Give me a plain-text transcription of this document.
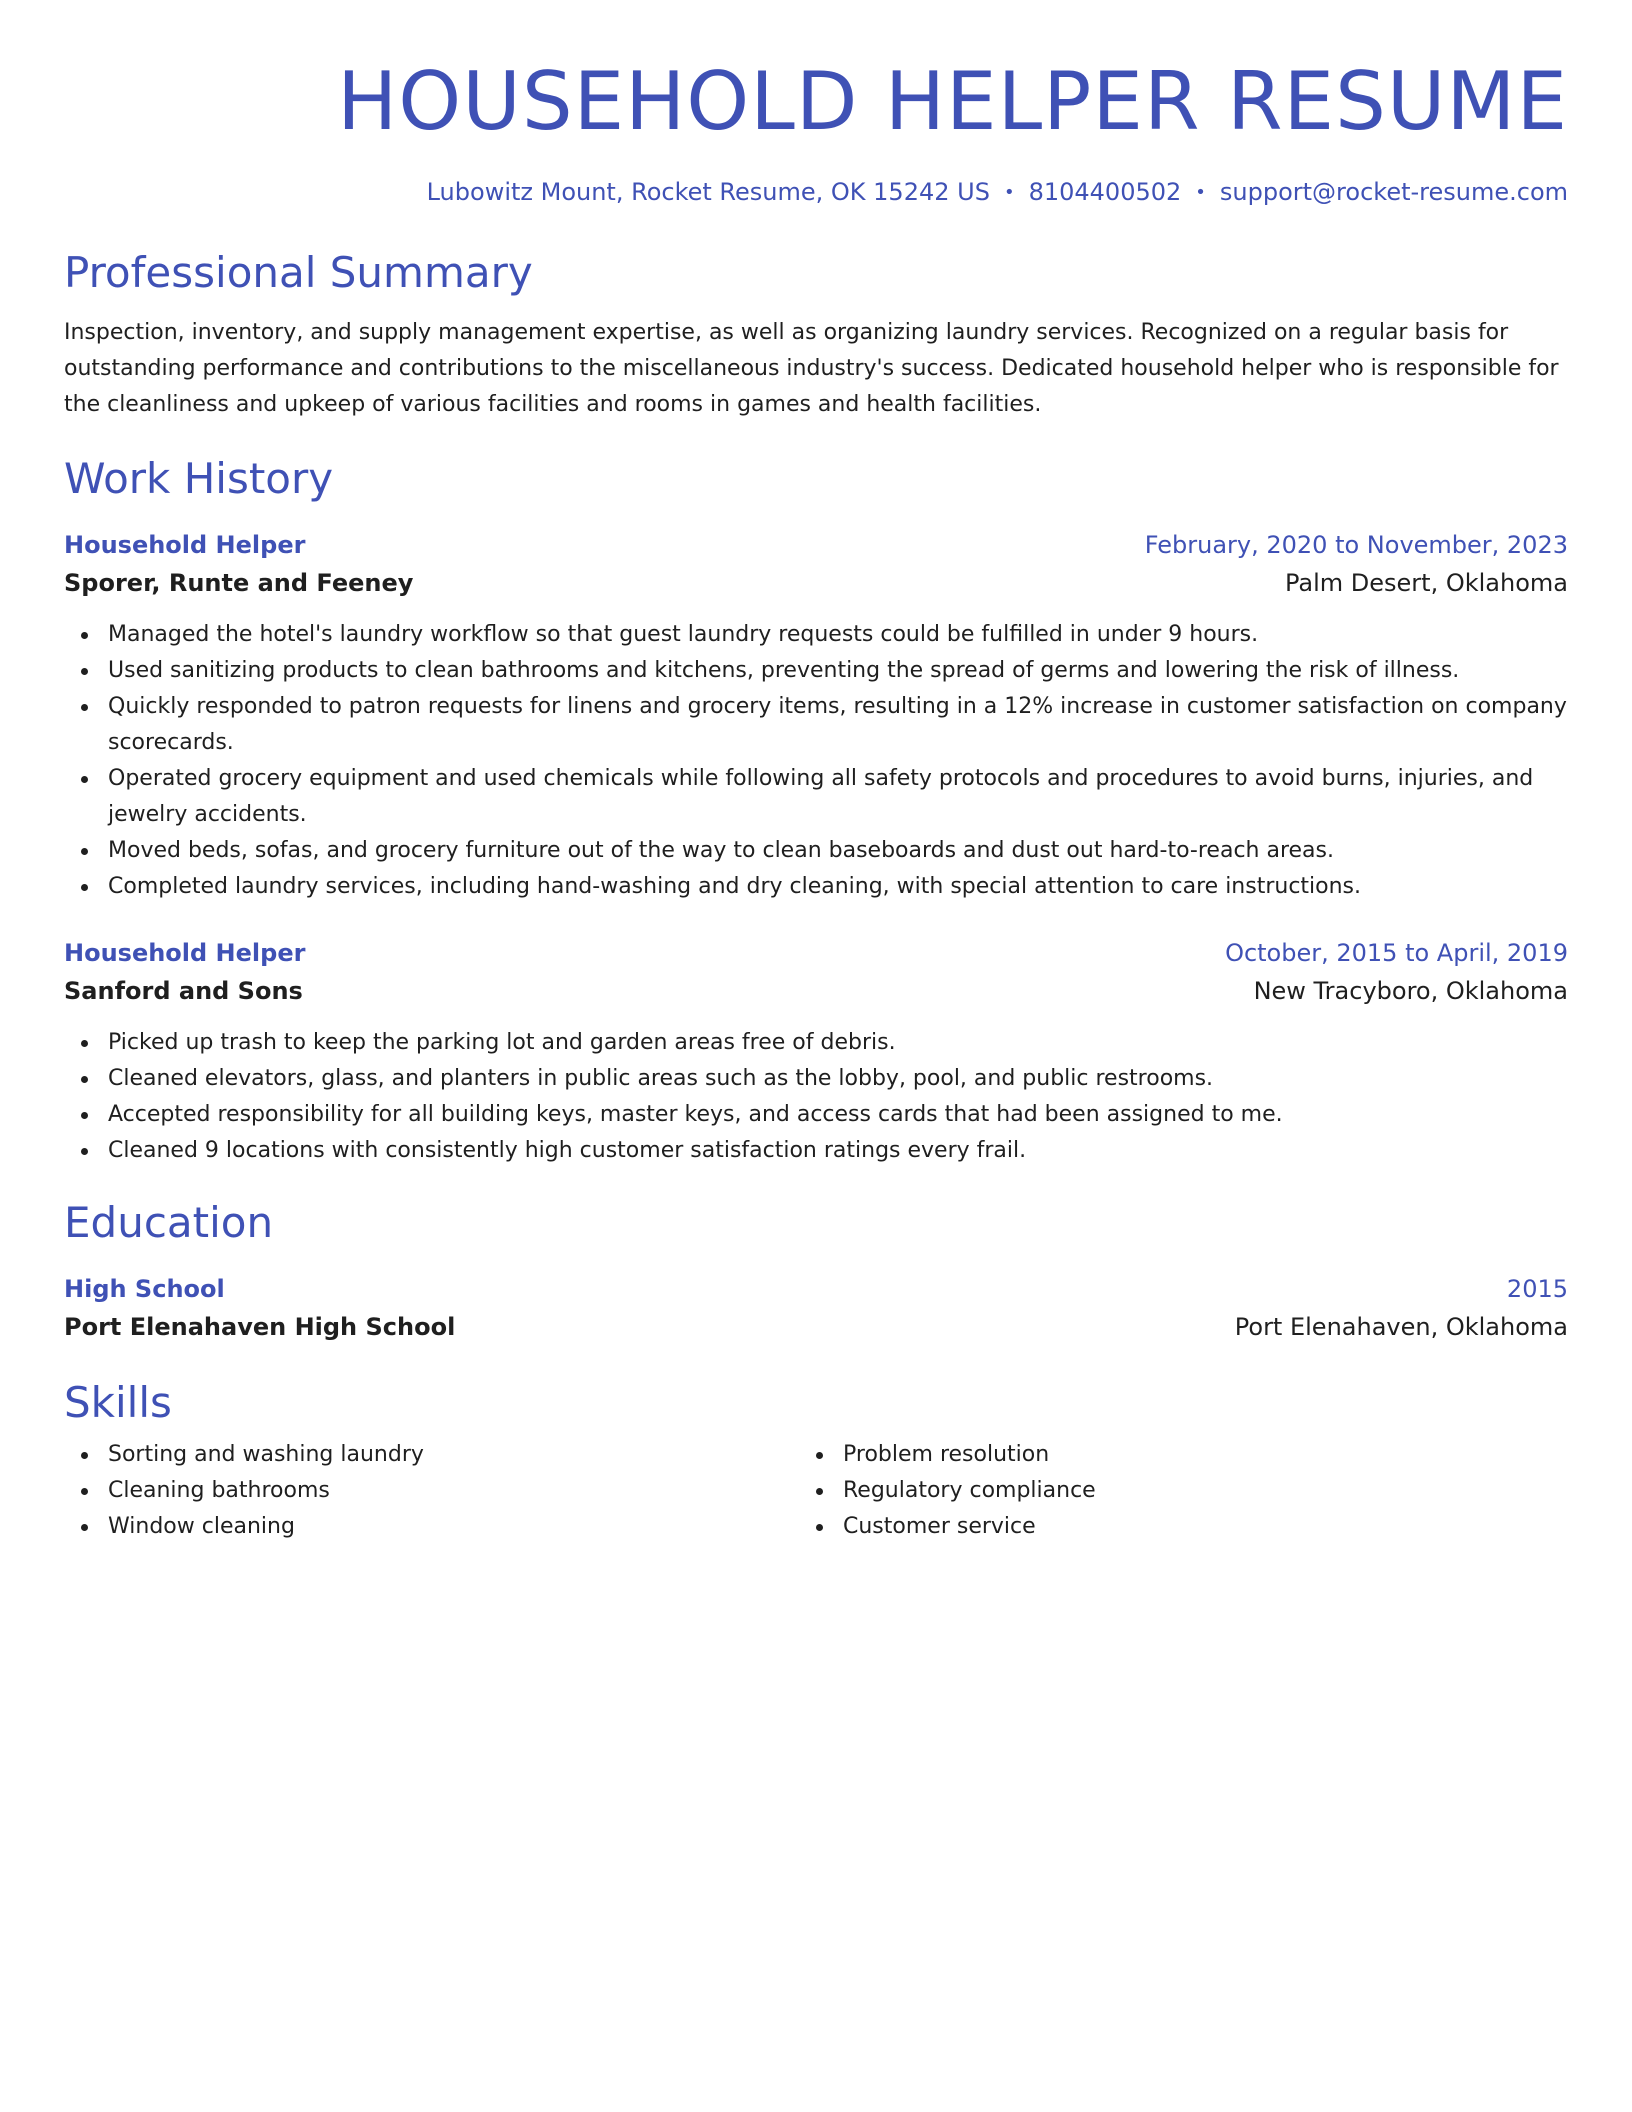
HOUSEHOLD HELPER RESUME
Lubowitz Mount, Rocket Resume, OK 15242 US • 8104400502 • support@rocket-resume.com
Professional Summary

Inspection, inventory, and supply management expertise, as well as organizing laundry services. Recognized on a regular basis for outstanding performance and contributions to the miscellaneous industry's success. Dedicated household helper who is responsible for the cleanliness and upkeep of various facilities and rooms in games and health facilities.

Work History
Household Helper	February, 2020 to November, 2023
Sporer, Runte and Feeney	Palm Desert, Oklahoma
Managed the hotel's laundry workflow so that guest laundry requests could be fulfilled in under 9 hours.
Used sanitizing products to clean bathrooms and kitchens, preventing the spread of germs and lowering the risk of illness.
Quickly responded to patron requests for linens and grocery items, resulting in a 12% increase in customer satisfaction on company scorecards.
Operated grocery equipment and used chemicals while following all safety protocols and procedures to avoid burns, injuries, and jewelry accidents.
Moved beds, sofas, and grocery furniture out of the way to clean baseboards and dust out hard-to-reach areas.
Completed laundry services, including hand-washing and dry cleaning, with special attention to care instructions.
Household Helper	October, 2015 to April, 2019
Sanford and Sons	New Tracyboro, Oklahoma
Picked up trash to keep the parking lot and garden areas free of debris.
Cleaned elevators, glass, and planters in public areas such as the lobby, pool, and public restrooms.
Accepted responsibility for all building keys, master keys, and access cards that had been assigned to me.
Cleaned 9 locations with consistently high customer satisfaction ratings every frail.
Education
High School	2015
Port Elenahaven High School	Port Elenahaven, Oklahoma
Skills
Sorting and washing laundry
Cleaning bathrooms
Window cleaning
Problem resolution
Regulatory compliance
Customer service
